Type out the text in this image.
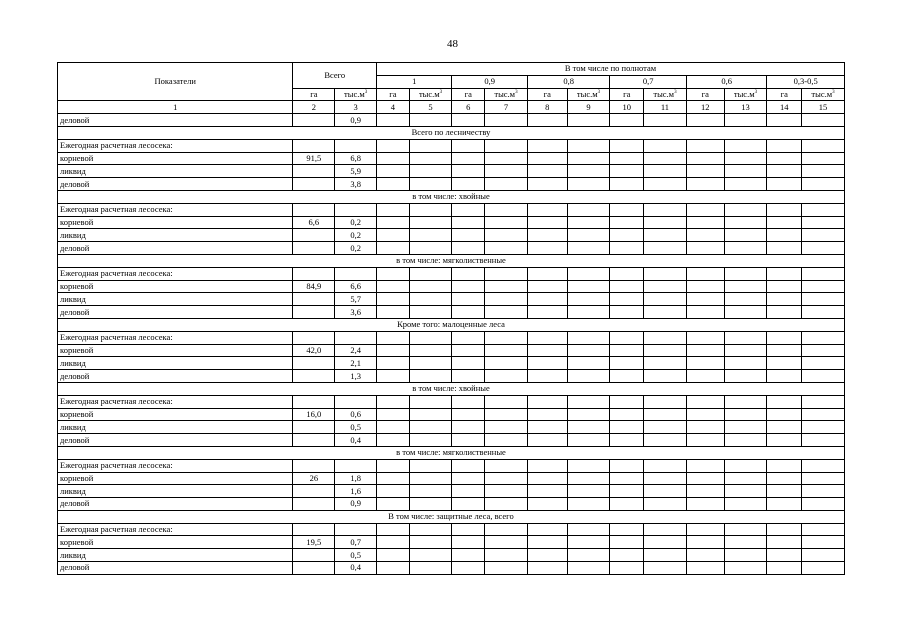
48
Показатели	Всего		В том числе по полнотам											
			1		0,9		0,8		0,7		0,6		0,3-0,5	
	га	$тыс.м^3$	га	$тыс.м^3$	га	$тыс.м^3$	га	$тыс.м^3$	га	$тыс.м^3$	га	$тыс.м^3$	га	$тыс.м^3$
1	2	3	4	5	6	7	8	9	10	11	12	13	14	15
деловой		0,9												
Всего по лесничеству														
Ежегодная расчетная лесосека:														
корневой	91,5	6,8												
ликвид		5,9												
деловой		3,8												
в том числе: хвойные														
Ежегодная расчетная лесосека:														
корневой	6,6	0,2												
ликвид		0,2												
деловой		0,2												
в том числе: мягколиственные														
Ежегодная расчетная лесосека:														
корневой	84,9	6,6												
ликвид		5,7												
деловой		3,6												
Кроме того: малоценные леса														
Ежегодная расчетная лесосека:														
корневой	42,0	2,4												
ликвид		2,1												
деловой		1,3												
в том числе: хвойные														
Ежегодная расчетная лесосека:														
корневой	16,0	0,6												
ликвид		0,5												
деловой		0,4												
в том числе: мягколиственные														
Ежегодная расчетная лесосека:														
корневой	26	1,8												
ликвид		1,6												
деловой		0,9												
В том числе: защитные леса, всего														
Ежегодная расчетная лесосека:														
корневой	19,5	0,7												
ликвид		0,5												
деловой		0,4												
